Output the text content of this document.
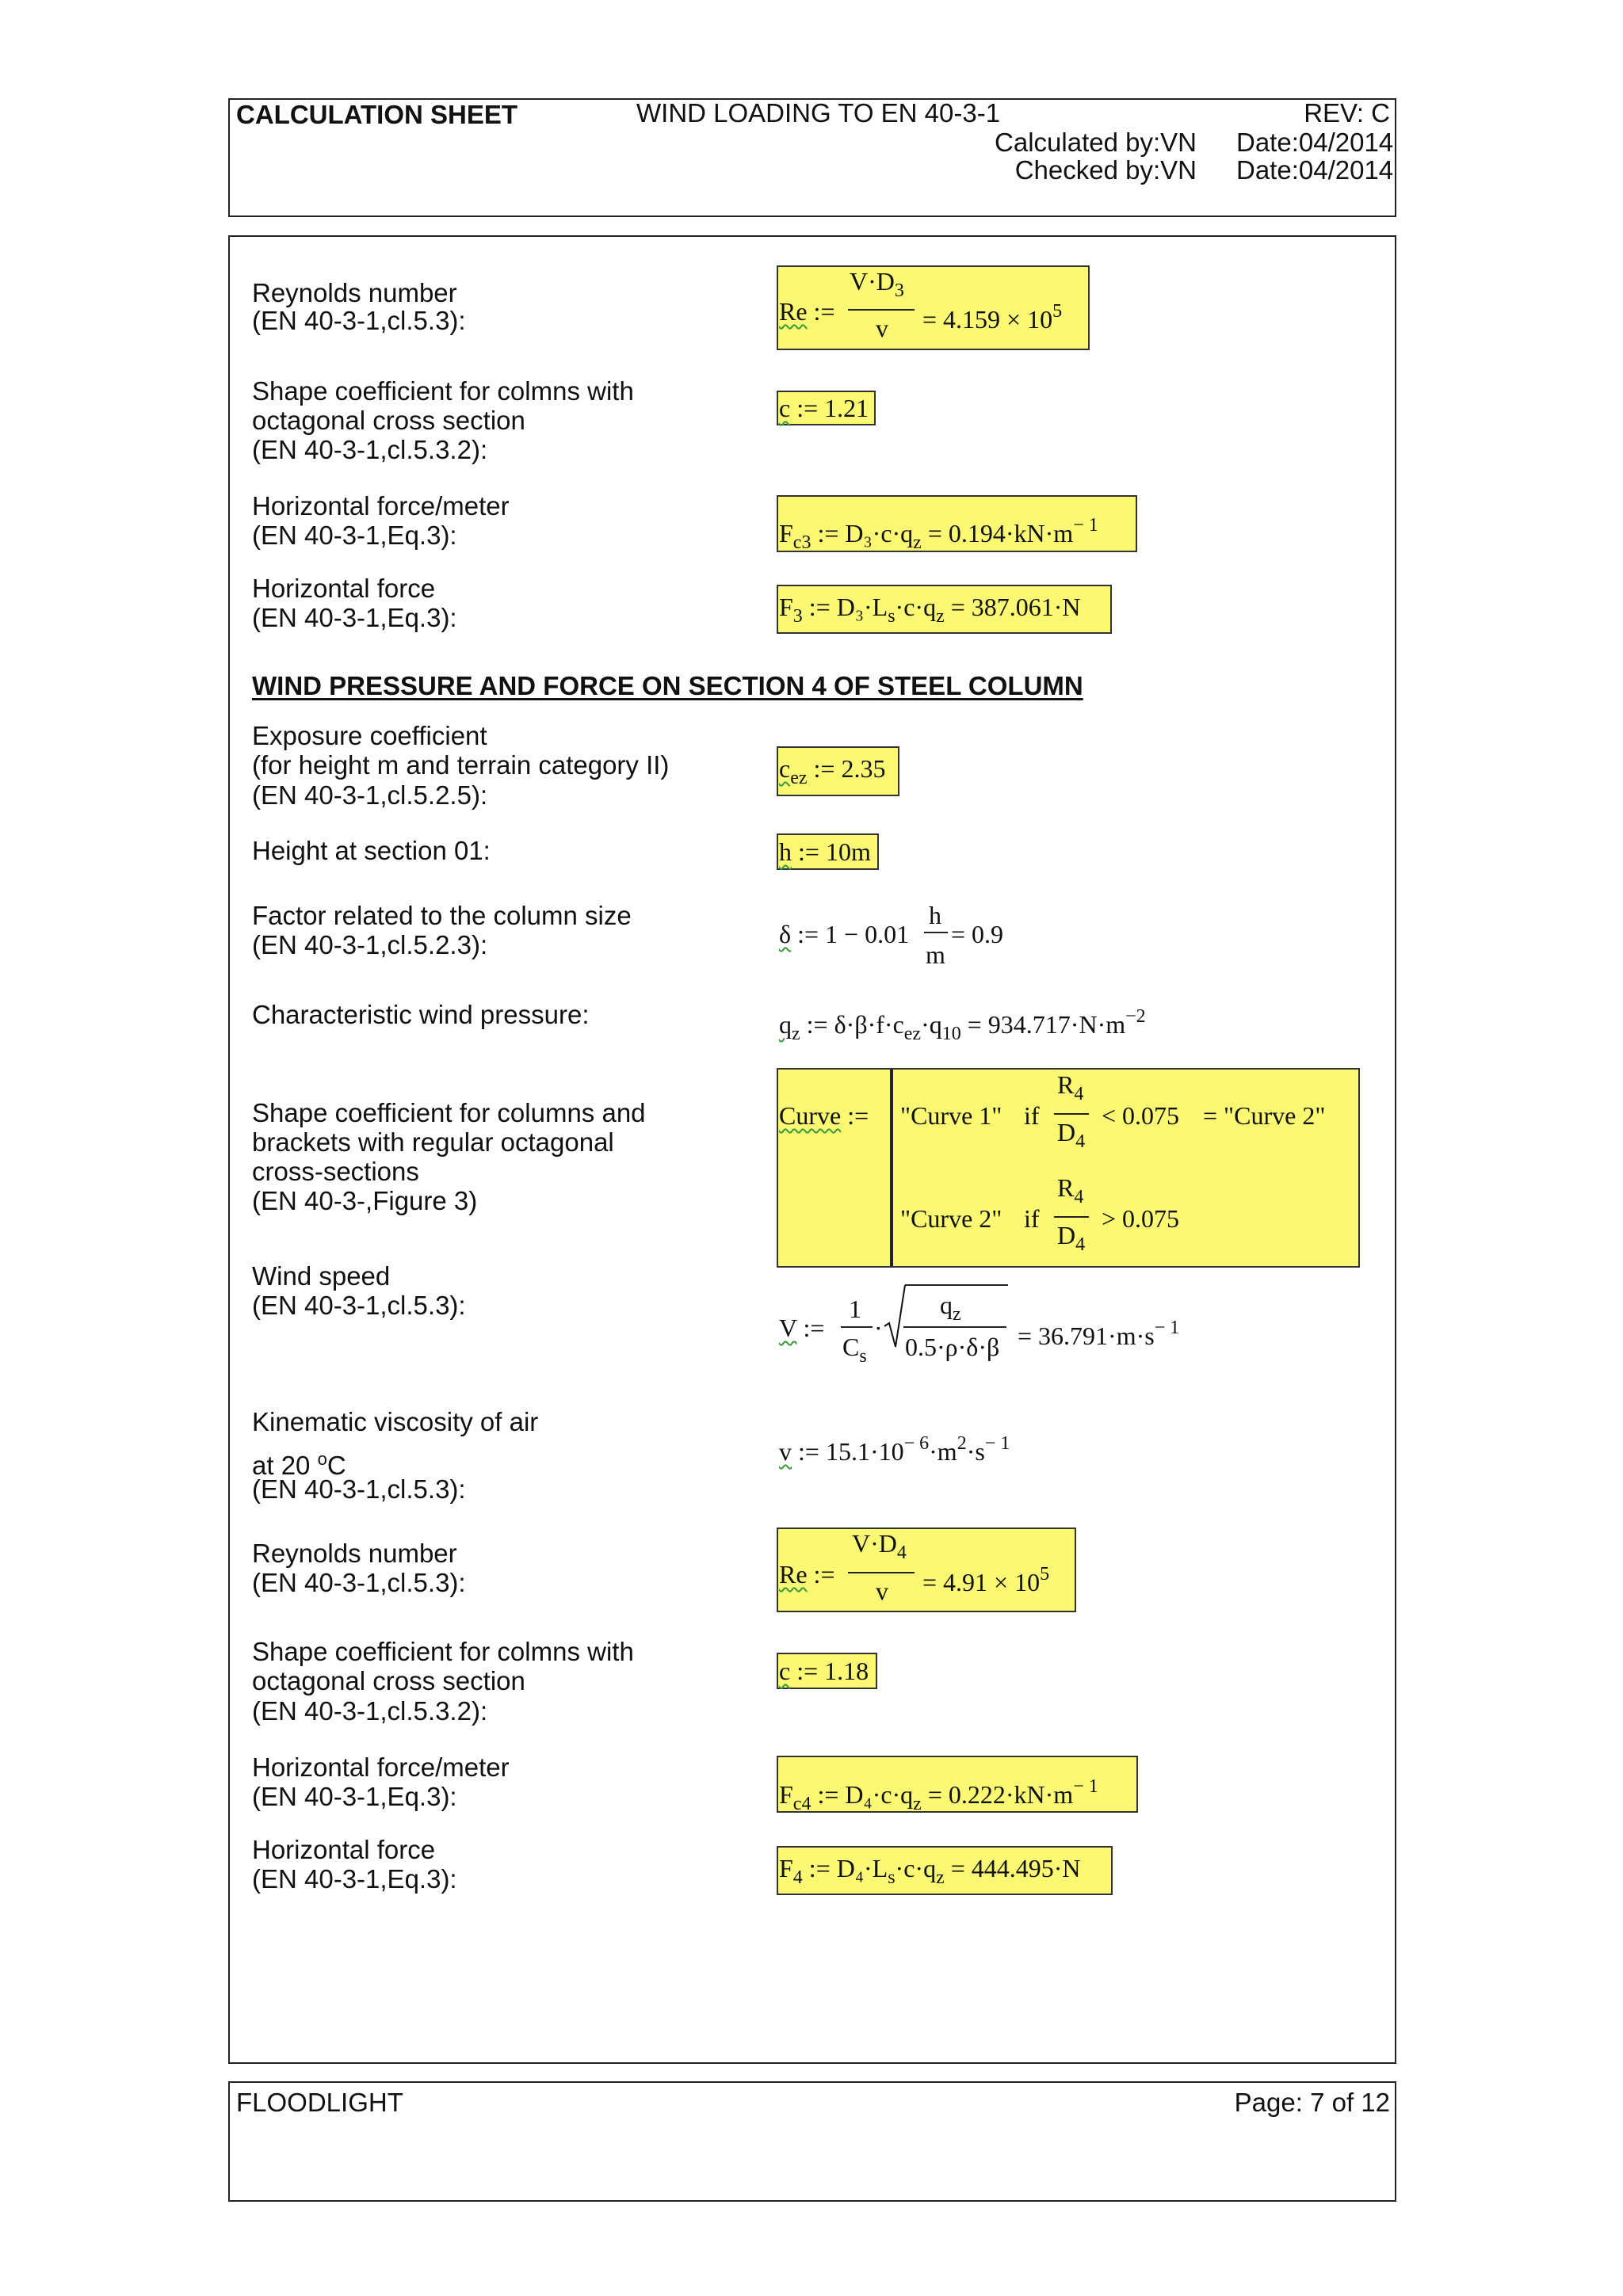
CALCULATION SHEET	WIND LOADING TO EN 40-3-1	REV: C
Calculated by:VN Date:04/2014
Checked by:VN Date:04/2014
Reynolds number
(EN 40-3-1,cl.5.3):	Re :=
$V\cdot D_3$
$v = 4.159 \times 10^5$
Shape coefficient for colmns with
octagonal cross section
(EN 40-3-1,cl.5.3.2):
c := 1.21
Horizontal force/meter
(EN 40-3-1,Eq.3):	$F_{c3}$ := $D_3\cdot c\cdot q_z = 0.194\cdot kN\cdot m^{- 1}$
Horizontal force
(EN 40-3-1,Eq.3):	$F_3$ := $D_3\cdot L_s\cdot c\cdot q_z = 387.061\cdot N$
WIND PRESSURE AND FORCE ON SECTION 4 OF STEEL COLUMN
Exposure coefficient
(for height m and terrain category II)
(EN 40-3-1,cl.5.2.5):
$c_{ez}$ := 2.35
Height at section 01:	h := 10m
Factor related to the column size
(EN 40-3-1,cl.5.2.3):	δ := 1 − 0.01
h
m
= 0.9
Characteristic wind pressure:	$q_z$ := $\delta\cdot\beta\cdot f\cdot c_{ez}\cdot q_{10} = 934.717\cdot N\cdot m^{-2}$
Shape coefficient for columns and
brackets with regular octagonal
cross-sections
(EN 40-3-,Figure 3)
Curve := "Curve 1" if
$R_4$
$D_4$
< 0.075 = "Curve 2"
"Curve 2" if
$R_4$
$D_4$
> 0.075
Wind speed
(EN 40-3-1,cl.5.3):
V :=
1
$C_s$
·
$q_z$
$0.5\cdot\rho\cdot\delta\cdot\beta = 36.791\cdot m\cdot s^{- 1}$
Kinematic viscosity of air
at 20 $^o$C
(EN 40-3-1,cl.5.3):
v := $15.1\cdot 10^{- 6}\cdot m^2\cdot s^{- 1}$
Reynolds number
(EN 40-3-1,cl.5.3):	Re :=
$V\cdot D_4$
$v = 4.91 \times 10^5$
Shape coefficient for colmns with
octagonal cross section
(EN 40-3-1,cl.5.3.2):
c := 1.18
Horizontal force/meter
(EN 40-3-1,Eq.3):	$F_{c4}$ := $D_4\cdot c\cdot q_z = 0.222\cdot kN\cdot m^{- 1}$
Horizontal force
(EN 40-3-1,Eq.3):	$F_4$ := $D_4\cdot L_s\cdot c\cdot q_z = 444.495\cdot N$
FLOODLIGHT	Page: 7 of 12
